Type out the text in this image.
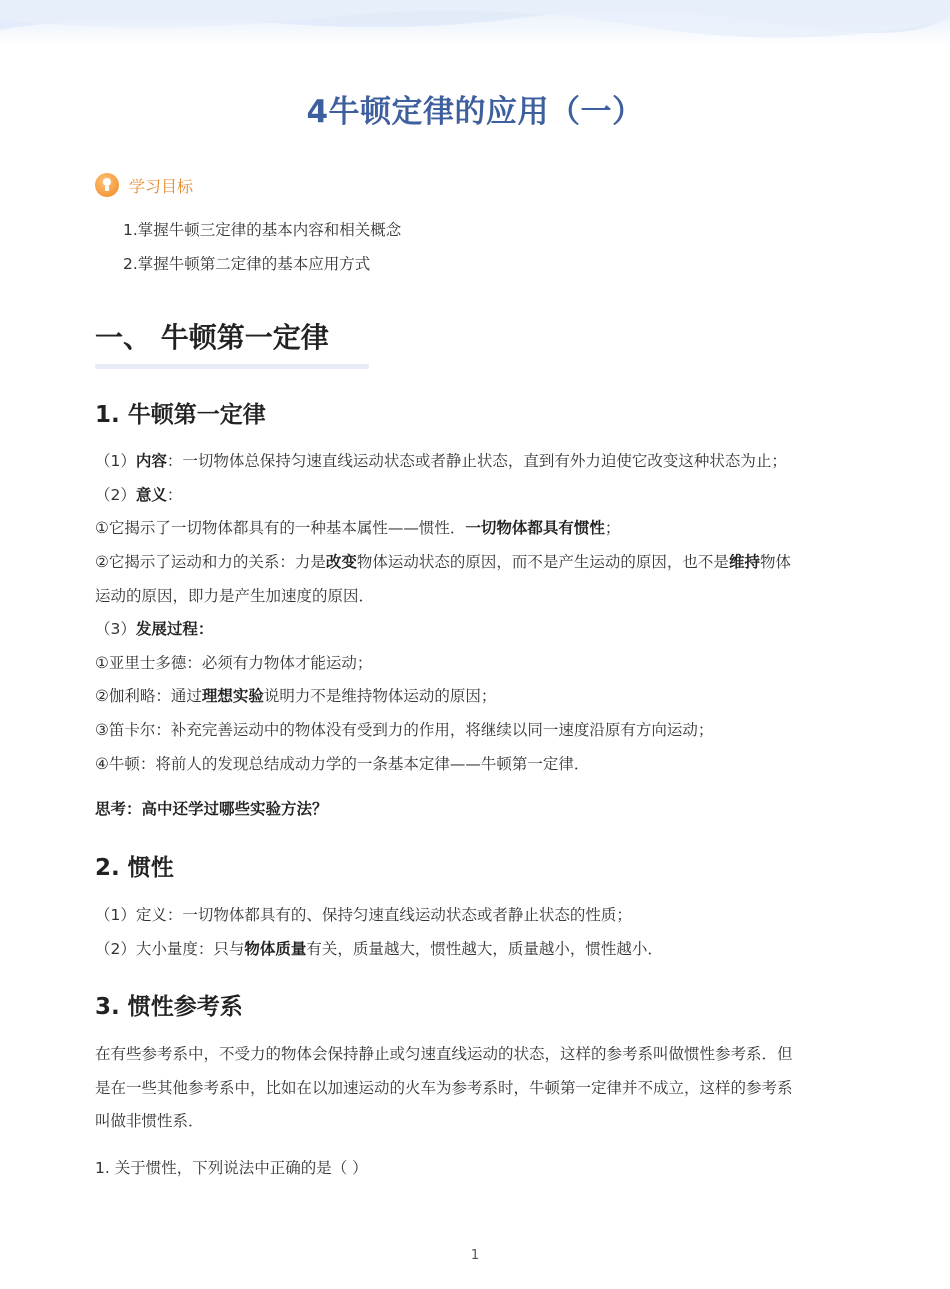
4牛顿定律的应用（一）
学习目标
1.掌握牛顿三定律的基本内容和相关概念
2.掌握牛顿第二定律的基本应用方式
一、 牛顿第一定律
1. 牛顿第一定律
（1）内容：一切物体总保持匀速直线运动状态或者静止状态，直到有外力迫使它改变这种状态为止；
（2）意义：
①它揭示了一切物体都具有的一种基本属性——惯性．一切物体都具有惯性；
②它揭示了运动和力的关系：力是改变物体运动状态的原因，而不是产生运动的原因，也不是维持物体
运动的原因，即力是产生加速度的原因．
（3）发展过程：
①亚里士多德：必须有力物体才能运动；
②伽利略：通过理想实验说明力不是维持物体运动的原因；
③笛卡尔：补充完善运动中的物体没有受到力的作用，将继续以同一速度沿原有方向运动；
④牛顿：将前人的发现总结成动力学的一条基本定律——牛顿第一定律．
思考：高中还学过哪些实验方法？
2. 惯性
（1）定义：一切物体都具有的、保持匀速直线运动状态或者静止状态的性质；
（2）大小量度：只与物体质量有关，质量越大，惯性越大，质量越小，惯性越小．
3. 惯性参考系
在有些参考系中，不受力的物体会保持静止或匀速直线运动的状态，这样的参考系叫做惯性参考系．但
是在一些其他参考系中，比如在以加速运动的火车为参考系时，牛顿第一定律并不成立，这样的参考系
叫做非惯性系．
1. 关于惯性，下列说法中正确的是（ ）
1
